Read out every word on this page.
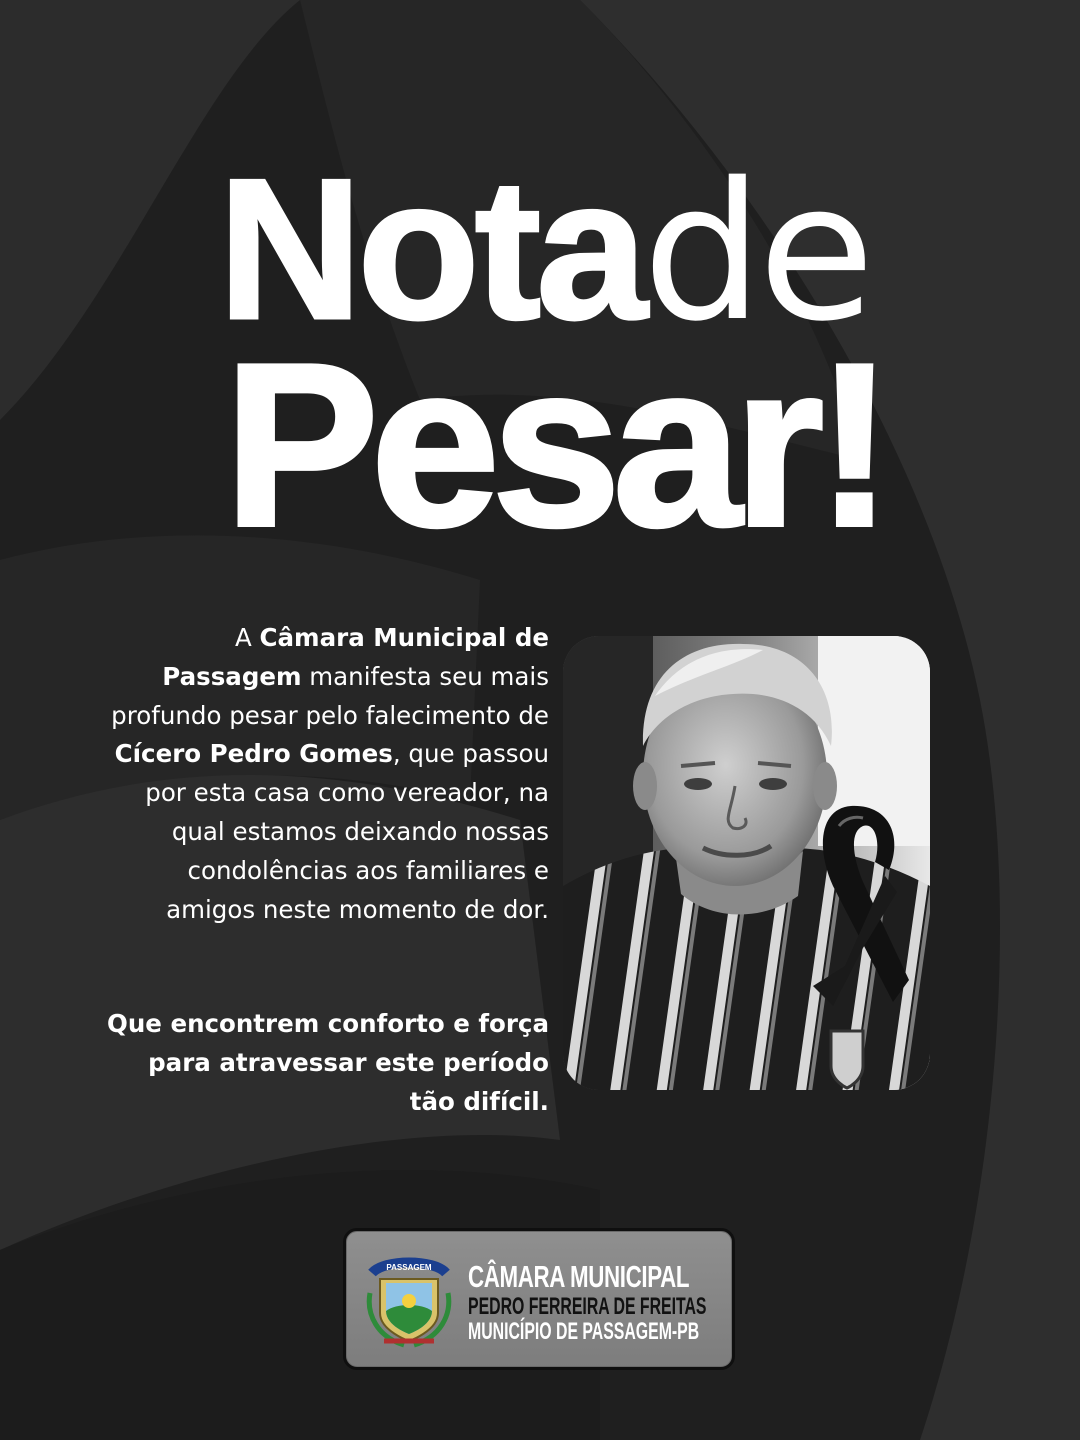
Nota de
Pesar!
A Câmara Municipal de Passagem manifesta seu mais profundo pesar pelo falecimento de Cícero Pedro Gomes, que passou por esta casa como vereador, na qual estamos deixando nossas condolências aos familiares e amigos neste momento de dor.
Que encontrem conforto e força para atravessar este período tão difícil.
PASSAGEM CÂMARA MUNICIPAL
PEDRO FERREIRA DE FREITAS
MUNICÍPIO DE PASSAGEM-PB
